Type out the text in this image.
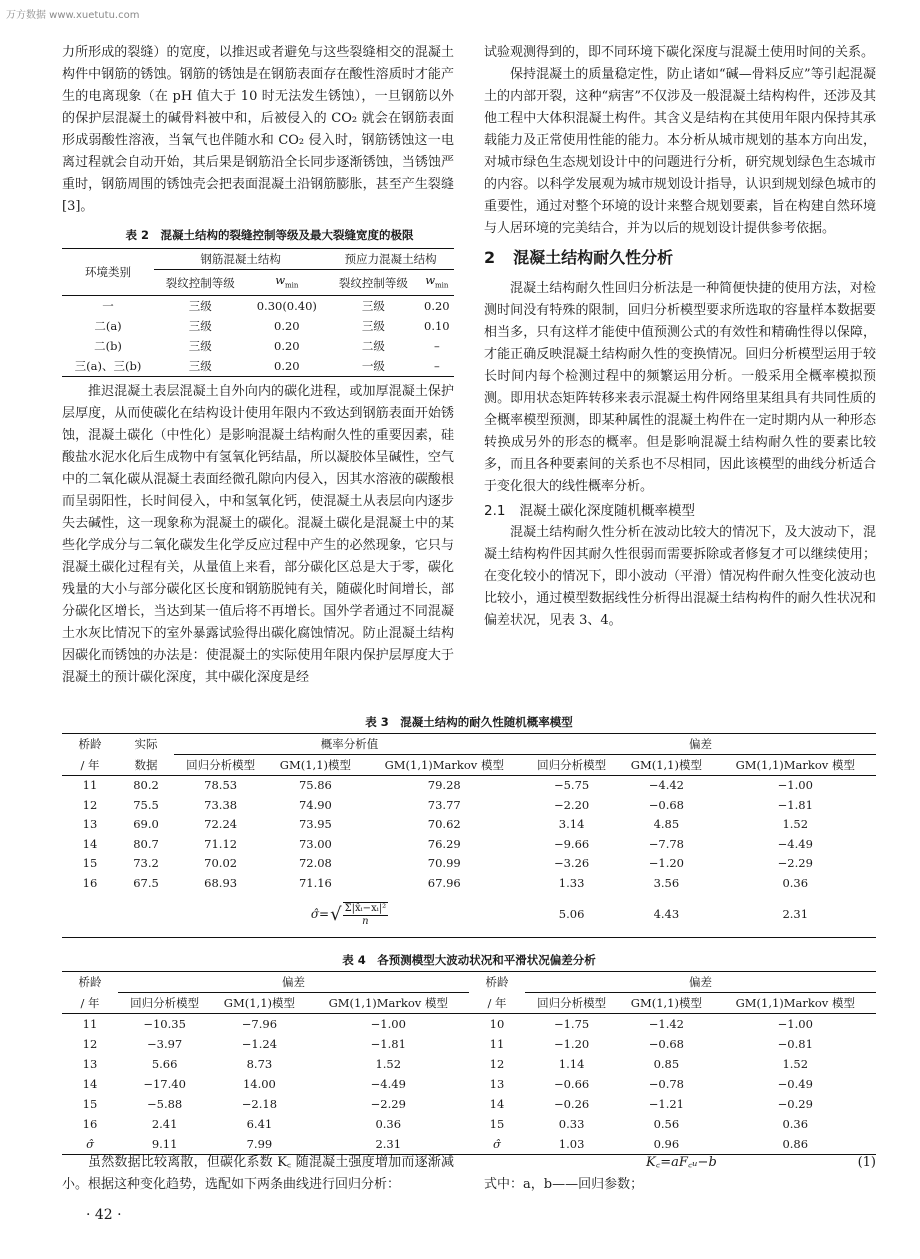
万方数据 www.xuetutu.com

力所形成的裂缝）的宽度，以推迟或者避免与这些裂缝相交的混凝土构件中钢筋的锈蚀。钢筋的锈蚀是在钢筋表面存在酸性溶质时才能产生的电离现象（在 pH 值大于 10 时无法发生锈蚀），一旦钢筋以外的保护层混凝土的碱骨料被中和，后被侵入的 CO₂ 就会在钢筋表面形成弱酸性溶液，当氧气也伴随水和 CO₂ 侵入时，钢筋锈蚀这一电离过程就会自动开始，其后果是钢筋沿全长同步逐渐锈蚀，当锈蚀严重时，钢筋周围的锈蚀壳会把表面混凝土沿钢筋膨胀，甚至产生裂缝[3]。

表 2　混凝土结构的裂缝控制等级及最大裂缝宽度的极限

环境类别	钢筋混凝土结构		预应力混凝土结构	
	裂纹控制等级	$w_{min}$	裂纹控制等级	$w_{min}$
一	三级	0.30(0.40)	三级	0.20
二(a)	三级	0.20	三级	0.10
二(b)	三级	0.20	二级	–
三(a)、三(b)	三级	0.20	一级	–

推迟混凝土表层混凝土自外向内的碳化进程，或加厚混凝土保护层厚度，从而使碳化在结构设计使用年限内不致达到钢筋表面开始锈蚀，混凝土碳化（中性化）是影响混凝土结构耐久性的重要因素，硅酸盐水泥水化后生成物中有氢氧化钙结晶，所以凝胶体呈碱性，空气中的二氧化碳从混凝土表面经微孔隙向内侵入，因其水溶液的碳酸根而呈弱阳性，长时间侵入，中和氢氧化钙，使混凝土从表层向内逐步失去碱性，这一现象称为混凝土的碳化。混凝土碳化是混凝土中的某些化学成分与二氧化碳发生化学反应过程中产生的必然现象，它只与混凝土碳化过程有关，从量值上来看，部分碳化区总是大于零，碳化残量的大小与部分碳化区长度和钢筋脱钝有关，随碳化时间增长，部分碳化区增长，当达到某一值后将不再增长。国外学者通过不同混凝土水灰比情况下的室外暴露试验得出碳化腐蚀情况。防止混凝土结构因碳化而锈蚀的办法是：使混凝土的实际使用年限内保护层厚度大于混凝土的预计碳化深度，其中碳化深度是经

试验观测得到的，即不同环境下碳化深度与混凝土使用时间的关系。

保持混凝土的质量稳定性，防止诸如“碱—骨料反应”等引起混凝土的内部开裂，这种“病害”不仅涉及一般混凝土结构构件，还涉及其他工程中大体积混凝土构件。其含义是结构在其使用年限内保持其承载能力及正常使用性能的能力。本分析从城市规划的基本方向出发，对城市绿色生态规划设计中的问题进行分析，研究规划绿色生态城市的内容。以科学发展观为城市规划设计指导，认识到规划绿色城市的重要性，通过对整个环境的设计来整合规划要素，旨在构建自然环境与人居环境的完美结合，并为以后的规划设计提供参考依据。

2 混凝土结构耐久性分析

混凝土结构耐久性回归分析法是一种简便快捷的使用方法，对检测时间没有特殊的限制，回归分析模型要求所选取的容量样本数据要相当多，只有这样才能使中值预测公式的有效性和精确性得以保障，才能正确反映混凝土结构耐久性的变换情况。回归分析模型运用于较长时间内每个检测过程中的频繁运用分析。一般采用全概率模拟预测。即用状态矩阵转移来表示混凝土构件网络里某组具有共同性质的全概率模型预测，即某种属性的混凝土构件在一定时期内从一种形态转换成另外的形态的概率。但是影响混凝土结构耐久性的要素比较多，而且各种要素间的关系也不尽相同，因此该模型的曲线分析适合于变化很大的线性概率分析。

2.1 混凝土碳化深度随机概率模型

混凝土结构耐久性分析在波动比较大的情况下，及大波动下，混凝土结构构件因其耐久性很弱而需要拆除或者修复才可以继续使用；在变化较小的情况下，即小波动（平滑）情况构件耐久性变化波动也比较小，通过模型数据线性分析得出混凝土结构构件的耐久性状况和偏差状况，见表 3、4。

表 3　混凝土结构的耐久性随机概率模型

桥龄	实际	概率分析值			偏差		
/ 年	数据	回归分析模型	GM(1,1)模型	GM(1,1)Markov 模型	回归分析模型	GM(1,1)模型	GM(1,1)Markov 模型
11	80.2	78.53	75.86	79.28	−5.75	−4.42	−1.00
12	75.5	73.38	74.90	73.77	−2.20	−0.68	−1.81
13	69.0	72.24	73.95	70.62	3.14	4.85	1.52
14	80.7	71.12	73.00	76.29	−9.66	−7.78	−4.49
15	73.2	70.02	72.08	70.99	−3.26	−1.20	−2.29
16	67.5	68.93	71.16	67.96	1.33	3.56	0.36

		σ̂= √ $\frac{\text{Σ|x̂ᵢ−xᵢ|²}}{n}$			5.06	4.43	2.31

表 4　各预测模型大波动状况和平滑状况偏差分析

桥龄	偏差			桥龄	偏差		
/ 年	回归分析模型	GM(1,1)模型	GM(1,1)Markov 模型	/ 年	回归分析模型	GM(1,1)模型	GM(1,1)Markov 模型
11	−10.35	−7.96	−1.00	10	−1.75	−1.42	−1.00
12	−3.97	−1.24	−1.81	11	−1.20	−0.68	−0.81
13	5.66	8.73	1.52	12	1.14	0.85	1.52
14	−17.40	14.00	−4.49	13	−0.66	−0.78	−0.49
15	−5.88	−2.18	−2.29	14	−0.26	−1.21	−0.29
16	2.41	6.41	0.36	15	0.33	0.56	0.36
σ̂	9.11	7.99	2.31	σ̂	1.03	0.96	0.86

虽然数据比较离散，但碳化系数 K꜀ 随混凝土强度增加而逐渐减小。根据这种变化趋势，选配如下两条曲线进行回归分析：

K꜀=aF꜀ᵤ−b	(1)
式中：a，b——回归参数；
· 42 ·
